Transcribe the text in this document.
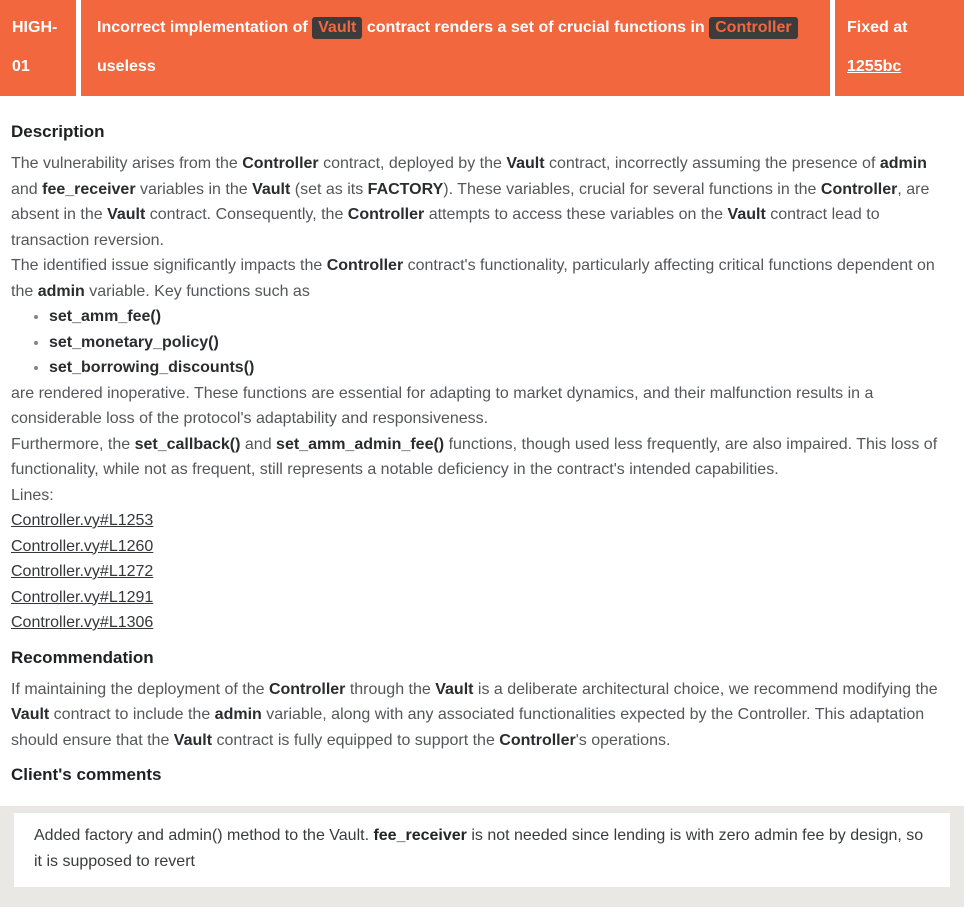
HIGH-01
Incorrect implementation of Vault contract renders a set of crucial functions in Controller useless
Fixed at
1255bc
Description

The vulnerability arises from the Controller contract, deployed by the Vault contract, incorrectly assuming the presence of admin and fee_receiver variables in the Vault (set as its FACTORY). These variables, crucial for several functions in the Controller, are absent in the Vault contract. Consequently, the Controller attempts to access these variables on the Vault contract lead to transaction reversion.

The identified issue significantly impacts the Controller contract's functionality, particularly affecting critical functions dependent on the admin variable. Key functions such as

• set_amm_fee()
• set_monetary_policy()
• set_borrowing_discounts()

are rendered inoperative. These functions are essential for adapting to market dynamics, and their malfunction results in a considerable loss of the protocol's adaptability and responsiveness.

Furthermore, the set_callback() and set_amm_admin_fee() functions, though used less frequently, are also impaired. This loss of functionality, while not as frequent, still represents a notable deficiency in the contract's intended capabilities.

Lines:

Controller.vy#L1253
Controller.vy#L1260
Controller.vy#L1272
Controller.vy#L1291
Controller.vy#L1306
Recommendation

If maintaining the deployment of the Controller through the Vault is a deliberate architectural choice, we recommend modifying the Vault contract to include the admin variable, along with any associated functionalities expected by the Controller. This adaptation should ensure that the Vault contract is fully equipped to support the Controller's operations.

Client's comments
Added factory and admin() method to the Vault. fee_receiver is not needed since lending is with zero admin fee by design, so it is supposed to revert
